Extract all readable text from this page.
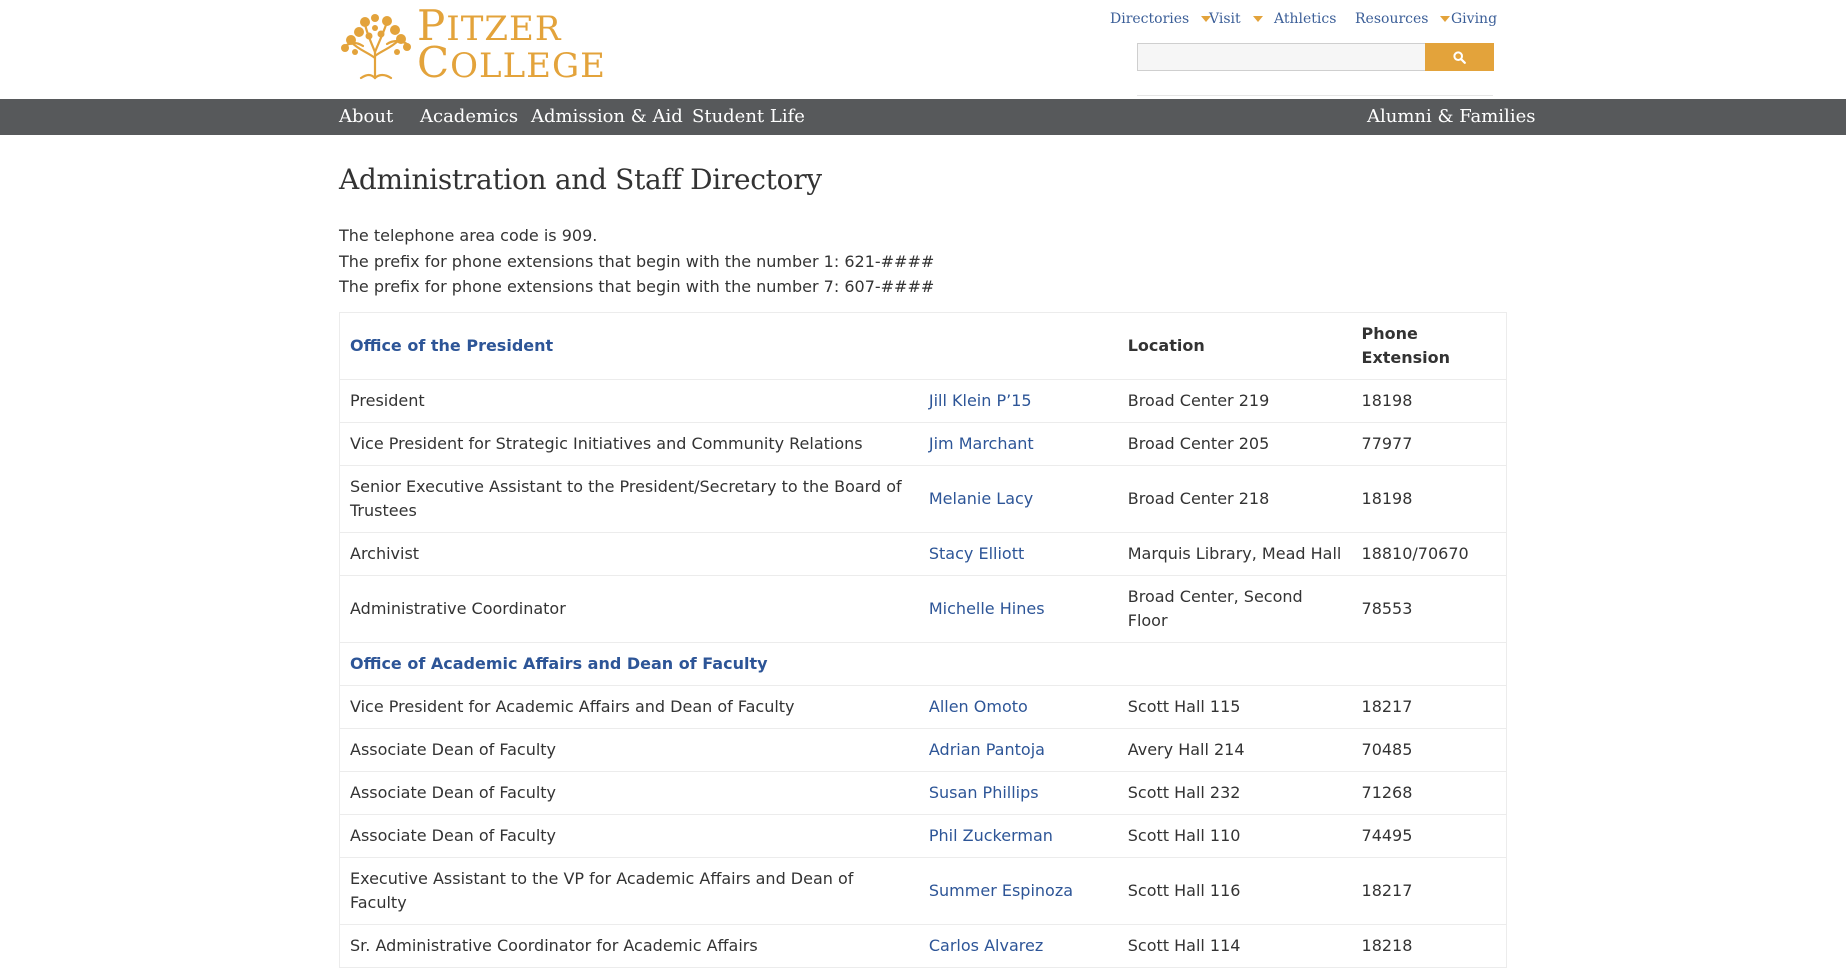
PITZER
COLLEGE
Directories Visit Athletics Resources Giving
About Academics Admission & Aid Student Life	Alumni & Families
Administration and Staff Directory

The telephone area code is 909.

The prefix for phone extensions that begin with the number 1: 621-####

The prefix for phone extensions that begin with the number 7: 607-####

Office of the President		Location	Phone Extension
President	Jill Klein P’15	Broad Center 219	18198
Vice President for Strategic Initiatives and Community Relations	Jim Marchant	Broad Center 205	77977
Senior Executive Assistant to the President/Secretary to the Board of Trustees	Melanie Lacy	Broad Center 218	18198
Archivist	Stacy Elliott	Marquis Library, Mead Hall	18810/70670
Administrative Coordinator	Michelle Hines	Broad Center, Second Floor	78553
Office of Academic Affairs and Dean of Faculty			
Vice President for Academic Affairs and Dean of Faculty	Allen Omoto	Scott Hall 115	18217
Associate Dean of Faculty	Adrian Pantoja	Avery Hall 214	70485
Associate Dean of Faculty	Susan Phillips	Scott Hall 232	71268
Associate Dean of Faculty	Phil Zuckerman	Scott Hall 110	74495
Executive Assistant to the VP for Academic Affairs and Dean of Faculty	Summer Espinoza	Scott Hall 116	18217
Sr. Administrative Coordinator for Academic Affairs	Carlos Alvarez	Scott Hall 114	18218
